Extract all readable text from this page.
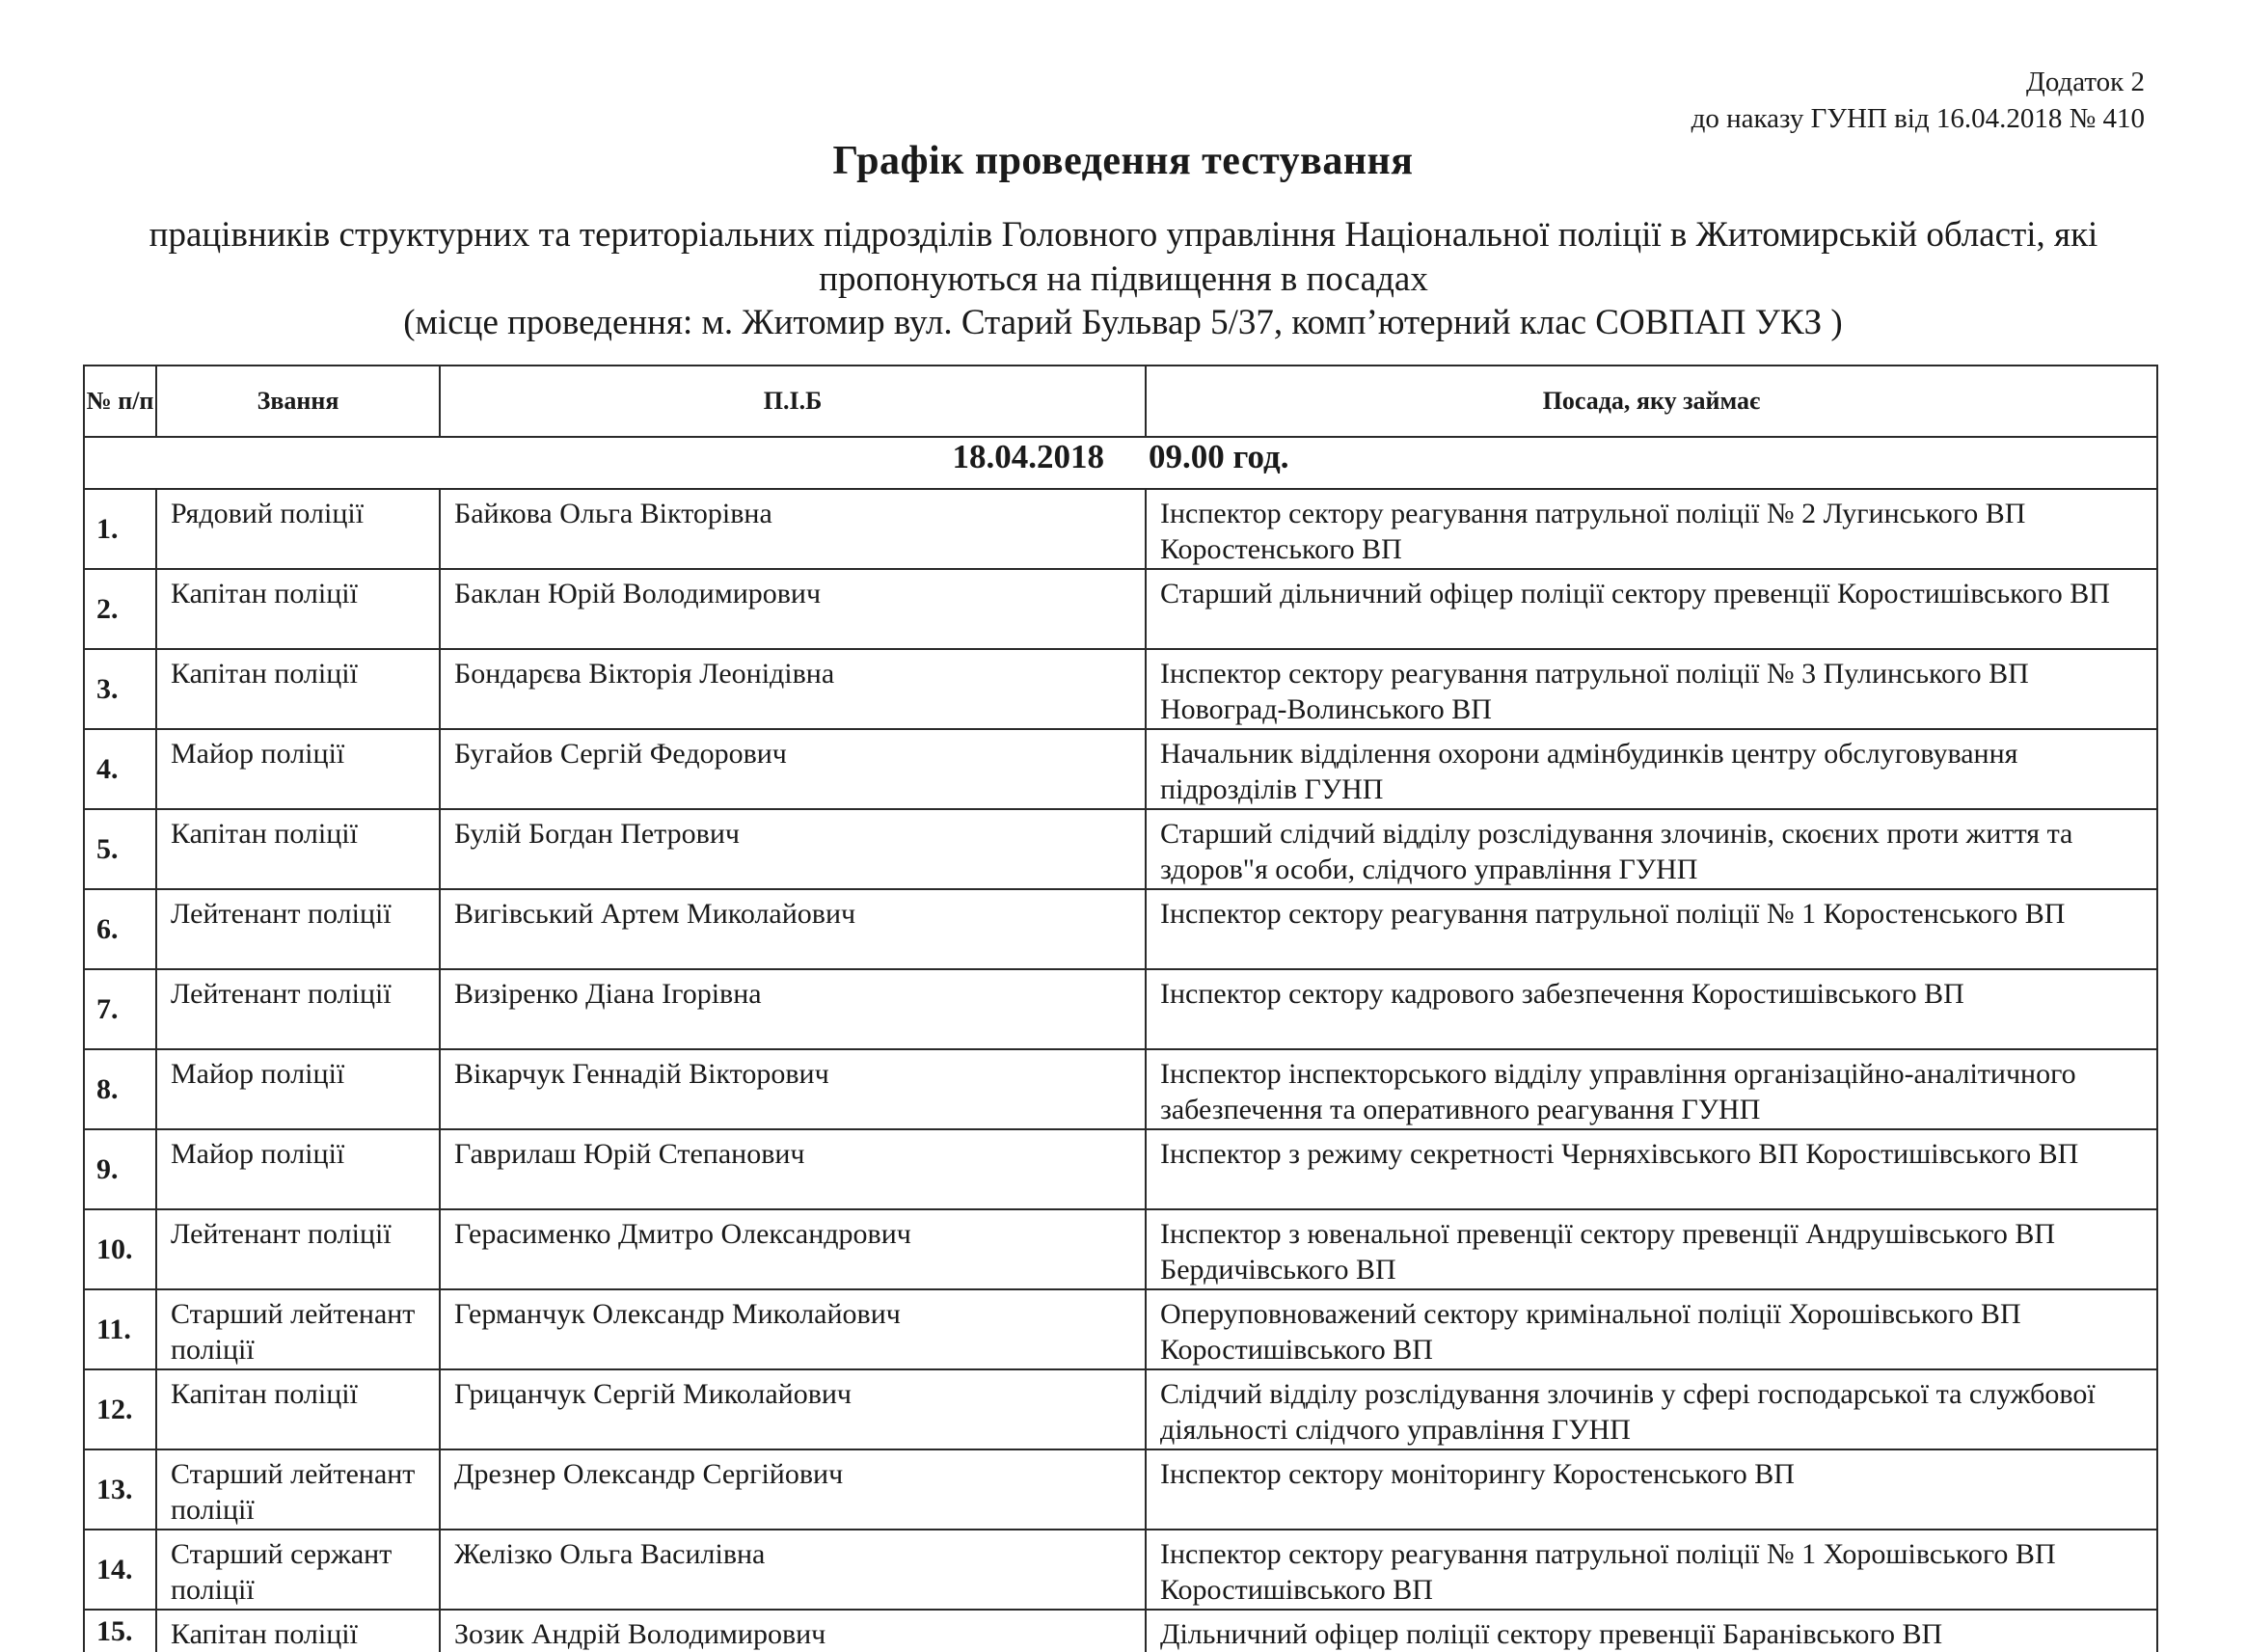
Додаток 2
до наказу ГУНП від 16.04.2018 № 410
Графік проведення тестування
працівників структурних та територіальних підрозділів Головного управління Національної поліції в Житомирській області, які пропонуються на підвищення в посадах
(місце проведення: м. Житомир вул. Старий Бульвар 5/37, комп’ютерний клас СОВПАП УКЗ )
№ п/п	Звання	П.І.Б	Посада, яку займає
18.04.2018 09.00 год.			
1.	Рядовий поліції	Байкова Ольга Вікторівна	Інспектор сектору реагування патрульної поліції № 2 Лугинського ВП Коростенського ВП
2.	Капітан поліції	Баклан Юрій Володимирович	Старший дільничний офіцер поліції сектору превенції Коростишівського ВП
3.	Капітан поліції	Бондарєва Вікторія Леонідівна	Інспектор сектору реагування патрульної поліції № 3 Пулинського ВП Новоград-Волинського ВП
4.	Майор поліції	Бугайов Сергій Федорович	Начальник відділення охорони адмінбудинків центру обслуговування підрозділів ГУНП
5.	Капітан поліції	Булій Богдан Петрович	Старший слідчий відділу розслідування злочинів, скоєних проти життя та здоров"я особи, слідчого управління ГУНП
6.	Лейтенант поліції	Вигівський Артем Миколайович	Інспектор сектору реагування патрульної поліції № 1 Коростенського ВП
7.	Лейтенант поліції	Визіренко Діана Ігорівна	Інспектор сектору кадрового забезпечення Коростишівського ВП
8.	Майор поліції	Вікарчук Геннадій Вікторович	Інспектор інспекторського відділу управління організаційно-аналітичного забезпечення та оперативного реагування ГУНП
9.	Майор поліції	Гаврилаш Юрій Степанович	Інспектор з режиму секретності Черняхівського ВП Коростишівського ВП
10.	Лейтенант поліції	Герасименко Дмитро Олександрович	Інспектор з ювенальної превенції сектору превенції Андрушівського ВП Бердичівського ВП
11.	Старший лейтенант поліції	Германчук Олександр Миколайович	Оперуповноважений сектору кримінальної поліції Хорошівського ВП Коростишівського ВП
12.	Капітан поліції	Грицанчук Сергій Миколайович	Слідчий відділу розслідування злочинів у сфері господарської та службової діяльності слідчого управління ГУНП
13.	Старший лейтенант поліції	Дрезнер Олександр Сергійович	Інспектор сектору моніторингу Коростенського ВП
14.	Старший сержант поліції	Желізко Ольга Василівна	Інспектор сектору реагування патрульної поліції № 1 Хорошівського ВП Коростишівського ВП
15.	Капітан поліції	Зозик Андрій Володимирович	Дільничний офіцер поліції сектору превенції Баранівського ВП
